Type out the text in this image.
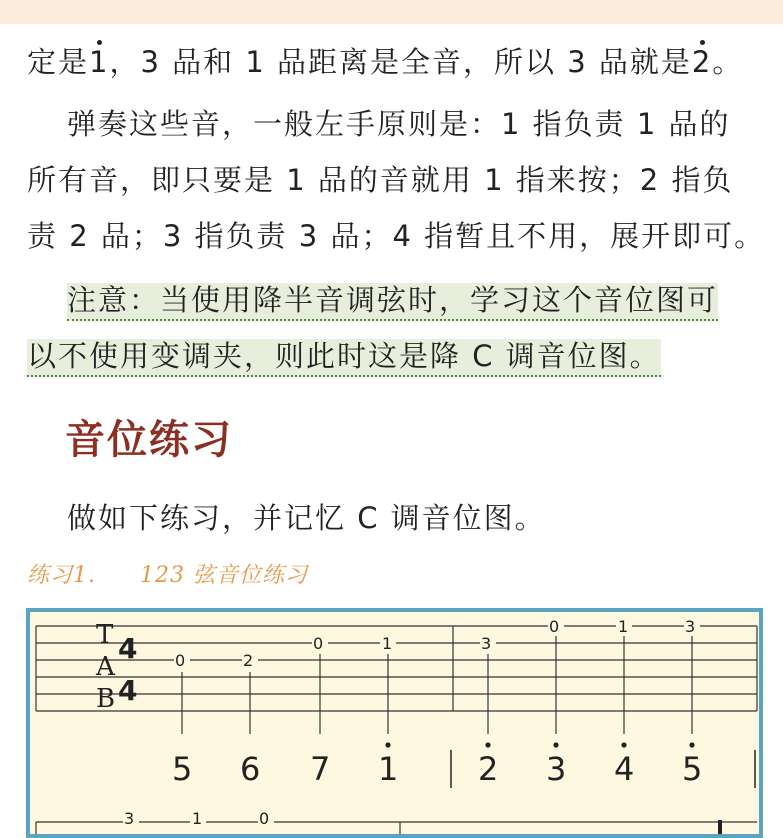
定是1，3 品和 1 品距离是全音，所以 3 品就是2。
弹奏这些音，一般左手原则是：1 指负责 1 品的
所有音，即只要是 1 品的音就用 1 指来按；2 指负
责 2 品；3 指负责 3 品；4 指暂且不用，展开即可。
注意：当使用降半音调弦时，学习这个音位图可
以不使用变调夹，则此时这是降 C 调音位图。
音位练习
做如下练习，并记忆 C 调音位图。
练习1. 123 弦音位练习
T
A
B
4
4
0	2
0	1	3
0	1	3
5 6 7 1 2 3 4 5
3	1	0
